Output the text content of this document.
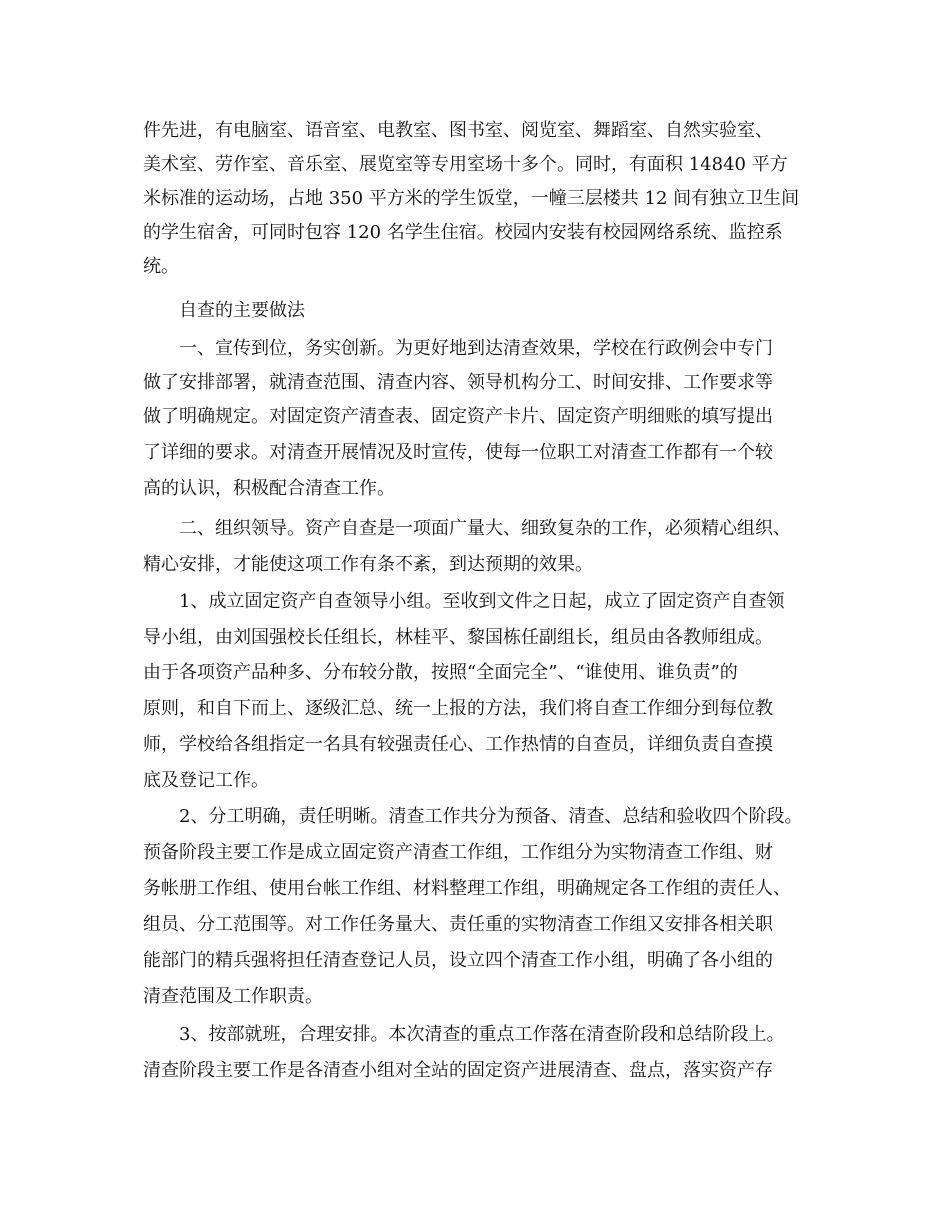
件先进，有电脑室、语音室、电教室、图书室、阅览室、舞蹈室、自然实验室、

美术室、劳作室、音乐室、展览室等专用室场十多个。同时，有面积 14840 平方

米标准的运动场，占地 350 平方米的学生饭堂，一幢三层楼共 12 间有独立卫生间

的学生宿舍，可同时包容 120 名学生住宿。校园内安装有校园网络系统、监控系

统。

自查的主要做法

一、宣传到位，务实创新。为更好地到达清查效果，学校在行政例会中专门

做了安排部署，就清查范围、清查内容、领导机构分工、时间安排、工作要求等

做了明确规定。对固定资产清查表、固定资产卡片、固定资产明细账的填写提出

了详细的要求。对清查开展情况及时宣传，使每一位职工对清查工作都有一个较

高的认识，积极配合清查工作。

二、组织领导。资产自查是一项面广量大、细致复杂的工作，必须精心组织、

精心安排，才能使这项工作有条不紊，到达预期的效果。

1、成立固定资产自查领导小组。至收到文件之日起，成立了固定资产自查领

导小组，由刘国强校长任组长，林桂平、黎国栋任副组长，组员由各教师组成。

由于各项资产品种多、分布较分散，按照“全面完全”、“谁使用、谁负责”的

原则，和自下而上、逐级汇总、统一上报的方法，我们将自查工作细分到每位教

师，学校给各组指定一名具有较强责任心、工作热情的自查员，详细负责自查摸

底及登记工作。

2、分工明确，责任明晰。清查工作共分为预备、清查、总结和验收四个阶段。

预备阶段主要工作是成立固定资产清查工作组，工作组分为实物清查工作组、财

务帐册工作组、使用台帐工作组、材料整理工作组，明确规定各工作组的责任人、

组员、分工范围等。对工作任务量大、责任重的实物清查工作组又安排各相关职

能部门的精兵强将担任清查登记人员，设立四个清查工作小组，明确了各小组的

清查范围及工作职责。

3、按部就班，合理安排。本次清查的重点工作落在清查阶段和总结阶段上。

清查阶段主要工作是各清查小组对全站的固定资产进展清查、盘点，落实资产存
